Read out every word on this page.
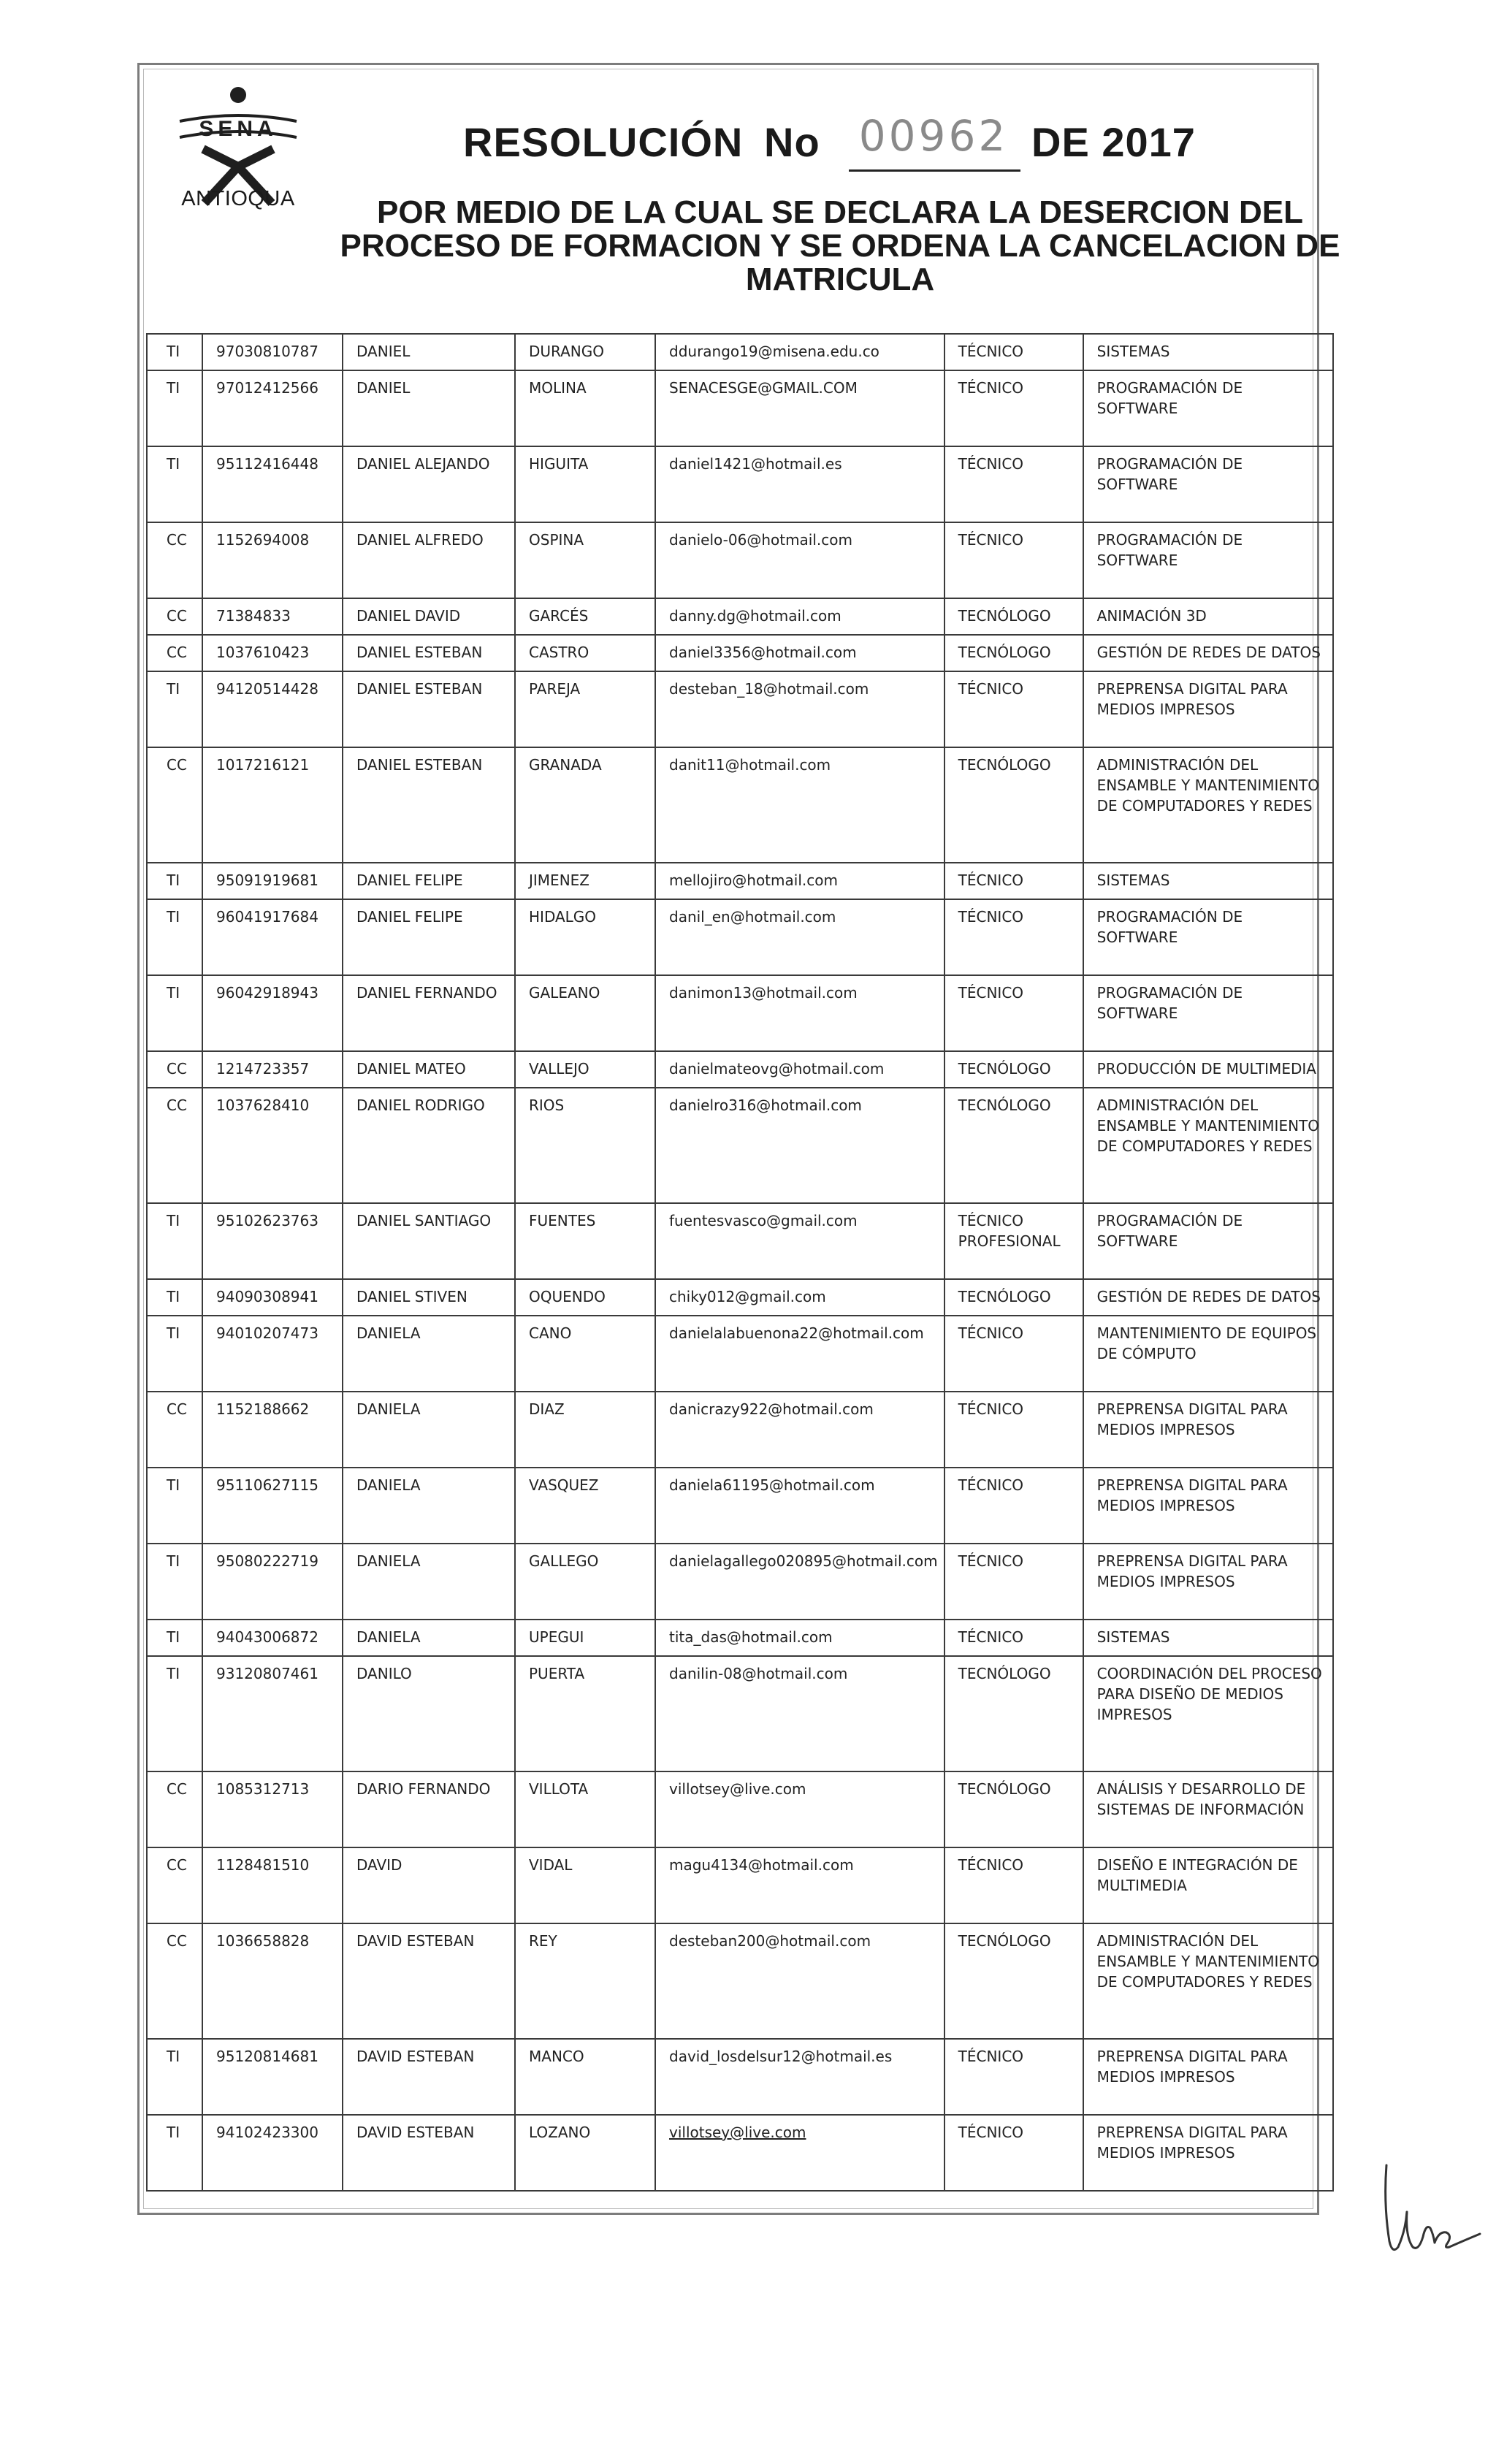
SENA
ANTIOQUA
RESOLUCIÓN No	DE 2017
00962
POR MEDIO DE LA CUAL SE DECLARA LA DESERCION DEL
PROCESO DE FORMACION Y SE ORDENA LA CANCELACION DE
MATRICULA
TI	97030810787	DANIEL	DURANGO	ddurango19@misena.edu.co	TÉCNICO	SISTEMAS
TI	97012412566	DANIEL	MOLINA	SENACESGE@GMAIL.COM	TÉCNICO	PROGRAMACIÓN DE SOFTWARE
TI	95112416448	DANIEL ALEJANDO	HIGUITA	daniel1421@hotmail.es	TÉCNICO	PROGRAMACIÓN DE SOFTWARE
CC	1152694008	DANIEL ALFREDO	OSPINA	danielo-06@hotmail.com	TÉCNICO	PROGRAMACIÓN DE SOFTWARE
CC	71384833	DANIEL DAVID	GARCÉS	danny.dg@hotmail.com	TECNÓLOGO	ANIMACIÓN 3D
CC	1037610423	DANIEL ESTEBAN	CASTRO	daniel3356@hotmail.com	TECNÓLOGO	GESTIÓN DE REDES DE DATOS
TI	94120514428	DANIEL ESTEBAN	PAREJA	desteban_18@hotmail.com	TÉCNICO	PREPRENSA DIGITAL PARA MEDIOS IMPRESOS
CC	1017216121	DANIEL ESTEBAN	GRANADA	danit11@hotmail.com	TECNÓLOGO	ADMINISTRACIÓN DEL ENSAMBLE Y MANTENIMIENTO DE COMPUTADORES Y REDES
TI	95091919681	DANIEL FELIPE	JIMENEZ	mellojiro@hotmail.com	TÉCNICO	SISTEMAS
TI	96041917684	DANIEL FELIPE	HIDALGO	danil_en@hotmail.com	TÉCNICO	PROGRAMACIÓN DE SOFTWARE
TI	96042918943	DANIEL FERNANDO	GALEANO	danimon13@hotmail.com	TÉCNICO	PROGRAMACIÓN DE SOFTWARE
CC	1214723357	DANIEL MATEO	VALLEJO	danielmateovg@hotmail.com	TECNÓLOGO	PRODUCCIÓN DE MULTIMEDIA
CC	1037628410	DANIEL RODRIGO	RIOS	danielro316@hotmail.com	TECNÓLOGO	ADMINISTRACIÓN DEL ENSAMBLE Y MANTENIMIENTO DE COMPUTADORES Y REDES
TI	95102623763	DANIEL SANTIAGO	FUENTES	fuentesvasco@gmail.com	TÉCNICO PROFESIONAL	PROGRAMACIÓN DE SOFTWARE
TI	94090308941	DANIEL STIVEN	OQUENDO	chiky012@gmail.com	TECNÓLOGO	GESTIÓN DE REDES DE DATOS
TI	94010207473	DANIELA	CANO	danielalabuenona22@hotmail.com	TÉCNICO	MANTENIMIENTO DE EQUIPOS DE CÓMPUTO
CC	1152188662	DANIELA	DIAZ	danicrazy922@hotmail.com	TÉCNICO	PREPRENSA DIGITAL PARA MEDIOS IMPRESOS
TI	95110627115	DANIELA	VASQUEZ	daniela61195@hotmail.com	TÉCNICO	PREPRENSA DIGITAL PARA MEDIOS IMPRESOS
TI	95080222719	DANIELA	GALLEGO	danielagallego020895@hotmail.com	TÉCNICO	PREPRENSA DIGITAL PARA MEDIOS IMPRESOS
TI	94043006872	DANIELA	UPEGUI	tita_das@hotmail.com	TÉCNICO	SISTEMAS
TI	93120807461	DANILO	PUERTA	danilin-08@hotmail.com	TECNÓLOGO	COORDINACIÓN DEL PROCESO PARA DISEÑO DE MEDIOS IMPRESOS
CC	1085312713	DARIO FERNANDO	VILLOTA	villotsey@live.com	TECNÓLOGO	ANÁLISIS Y DESARROLLO DE SISTEMAS DE INFORMACIÓN
CC	1128481510	DAVID	VIDAL	magu4134@hotmail.com	TÉCNICO	DISEÑO E INTEGRACIÓN DE MULTIMEDIA
CC	1036658828	DAVID ESTEBAN	REY	desteban200@hotmail.com	TECNÓLOGO	ADMINISTRACIÓN DEL ENSAMBLE Y MANTENIMIENTO DE COMPUTADORES Y REDES
TI	95120814681	DAVID ESTEBAN	MANCO	david_losdelsur12@hotmail.es	TÉCNICO	PREPRENSA DIGITAL PARA MEDIOS IMPRESOS
TI	94102423300	DAVID ESTEBAN	LOZANO	villotsey@live.com	TÉCNICO	PREPRENSA DIGITAL PARA MEDIOS IMPRESOS
